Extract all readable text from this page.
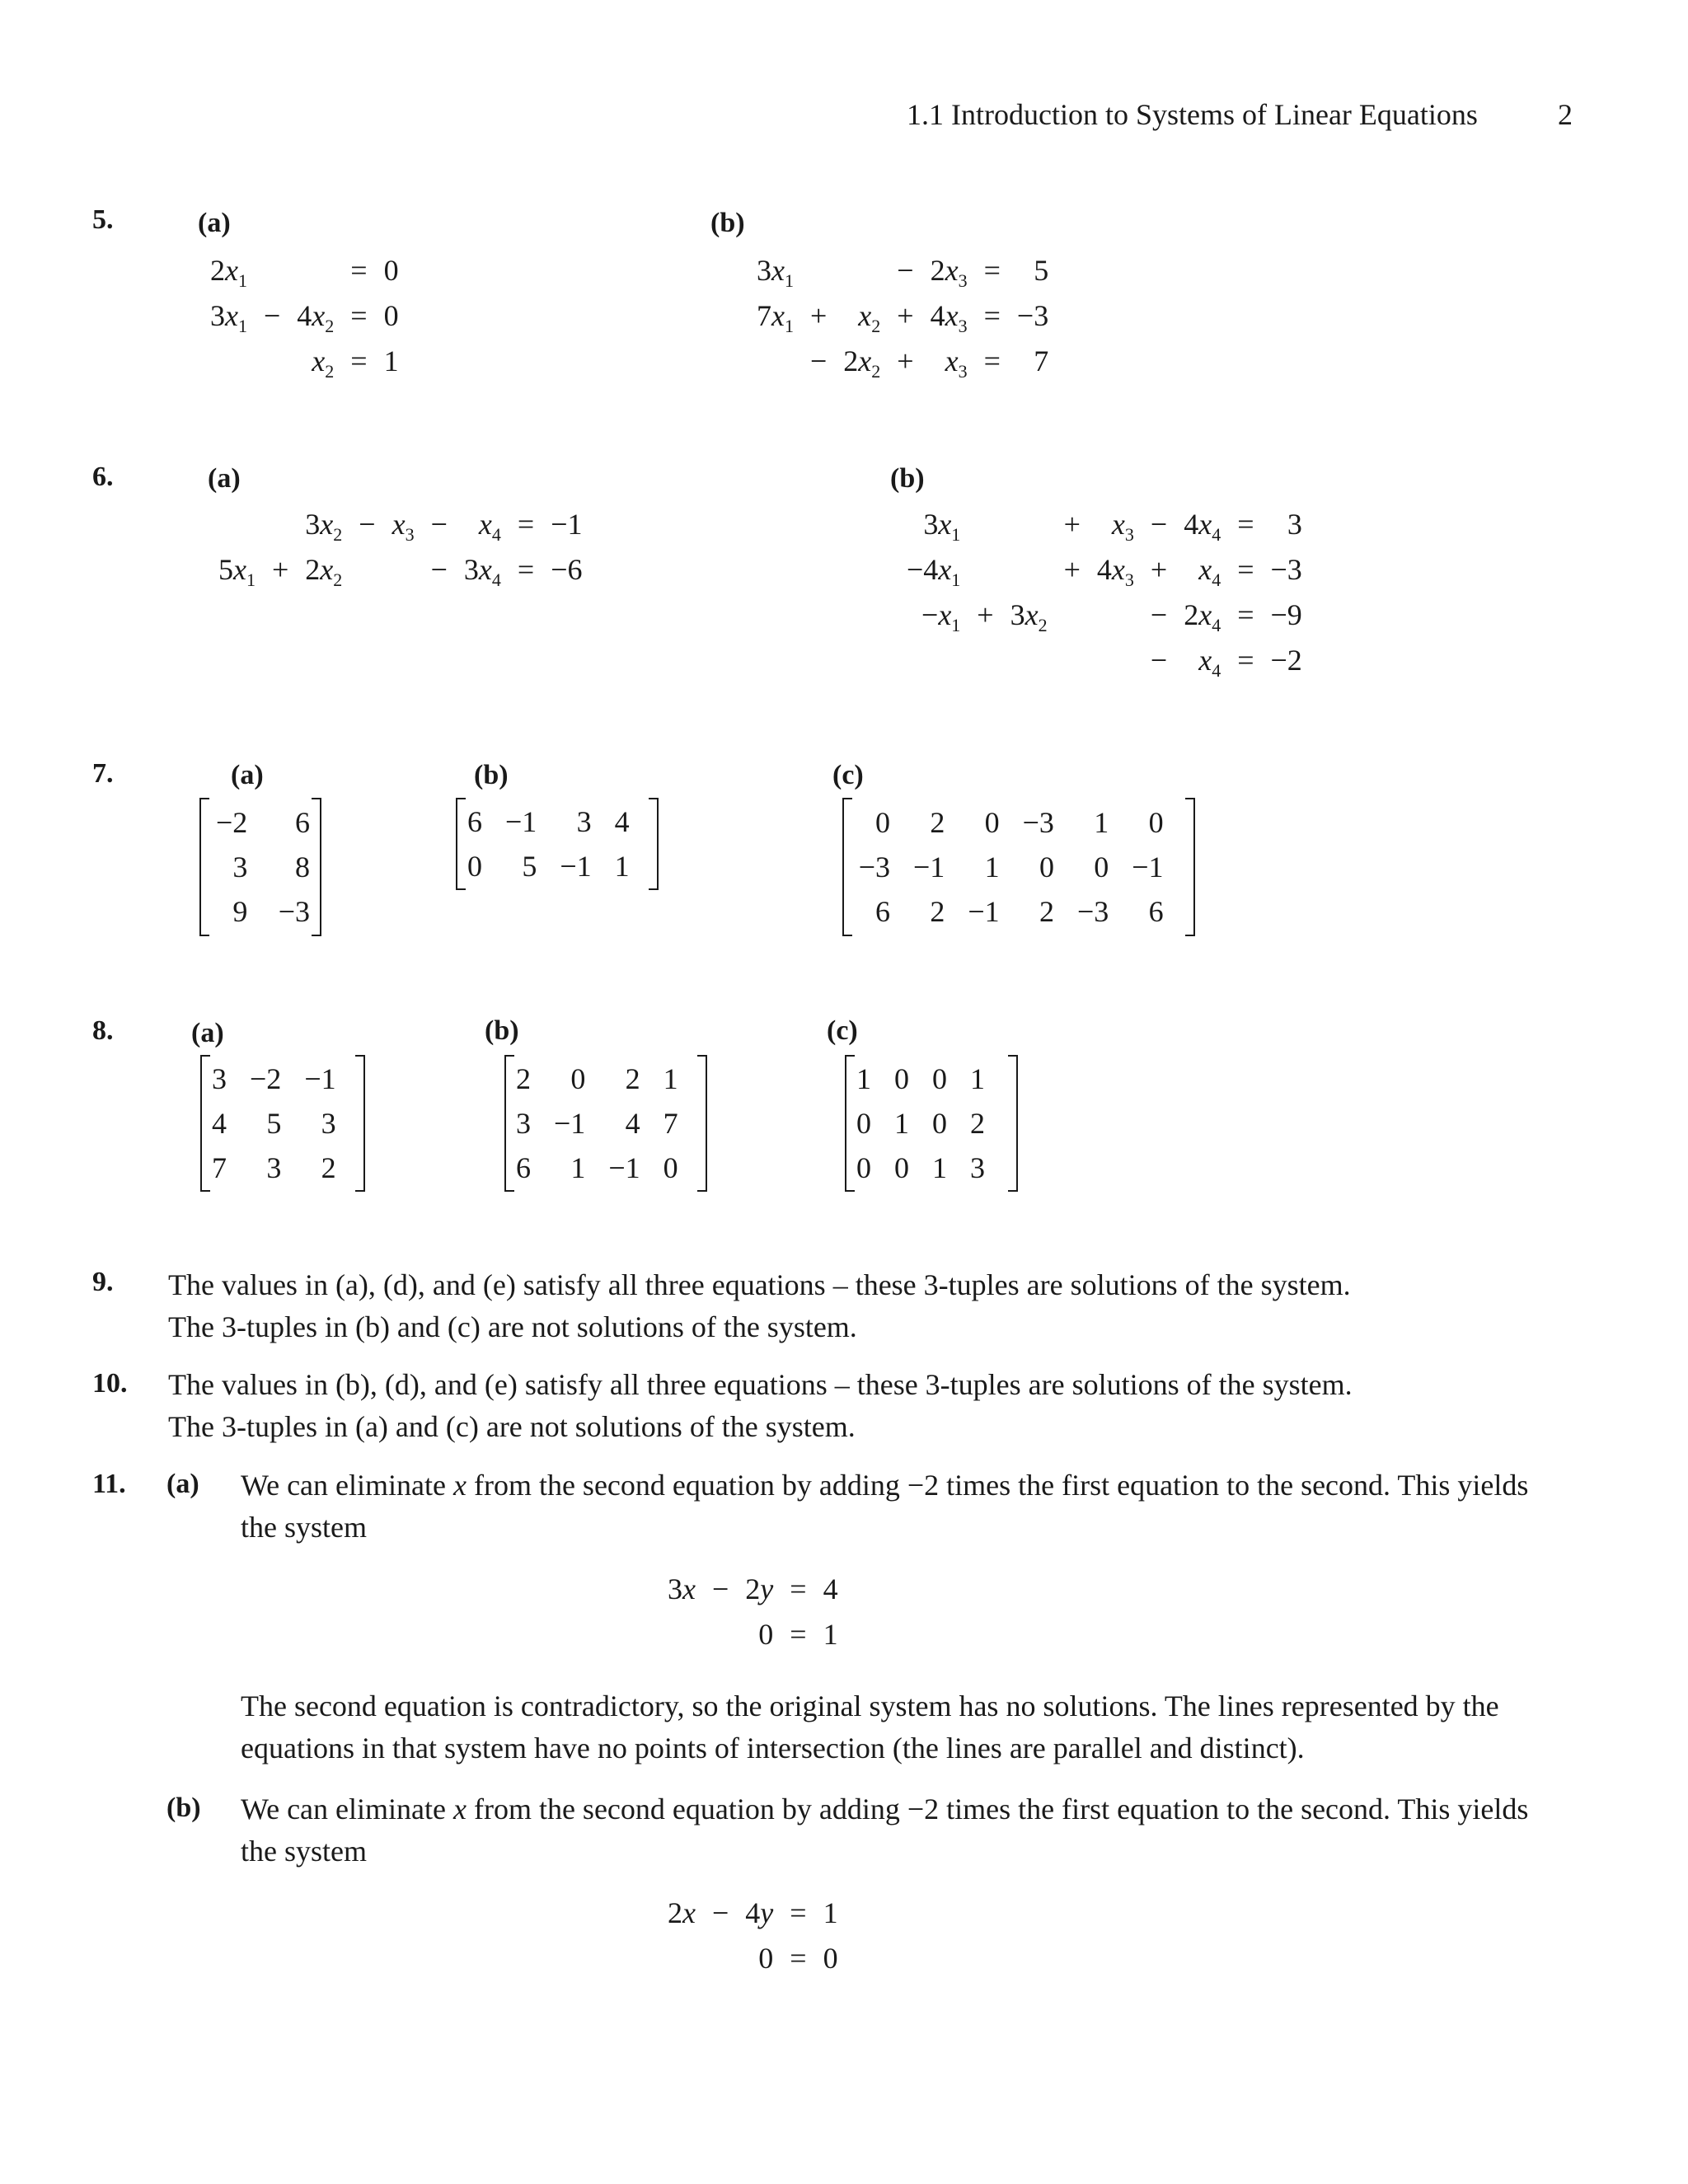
1.1 Introduction to Systems of Linear Equations	2
5.	(a)	(b)
$2x_1$			=	0
$3x_1$	−	$4x_2$	=	0
		$x_2$	=	1
$3x_1$			−	$2x_3$	=	5
$7x_1$	+	$x_2$	+	$4x_3$	=	−3
	−	$2x_2$	+	$x_3$	=	7
6.	(a)	(b)
		$3x_2$	−	$x_3$	−	$x_4$	=	−1
$5x_1$	+	$2x_2$			−	$3x_4$	=	−6
$3x_1$			+	$x_3$	−	$4x_4$	=	3
$-4x_1$			+	$4x_3$	+	$x_4$	=	−3
$-x_1$	+	$3x_2$			−	$2x_4$	=	−9
					−	$x_4$	=	−2
7.	(a)	(b)	(c)
−2	6
3	8
9	−3
6	−1	3	4
0	5	−1	1
0	2	0	−3	1	0
−3	−1	1	0	0	−1
6	2	−1	2	−3	6
8.	(a)	(b)	(c)
3	−2	−1
4	5	3
7	3	2
2	0	2	1
3	−1	4	7
6	1	−1	0
1	0	0	1
0	1	0	2
0	0	1	3
9. The values in (a), (d), and (e) satisfy all three equations – these 3-tuples are solutions of the system.
The 3-tuples in (b) and (c) are not solutions of the system.
10. The values in (b), (d), and (e) satisfy all three equations – these 3-tuples are solutions of the system.
The 3-tuples in (a) and (c) are not solutions of the system.
11. (a) We can eliminate x from the second equation by adding −2 times the first equation to the second. This yields
the system
3x	−	2y	=	4
		0	=	1
The second equation is contradictory, so the original system has no solutions. The lines represented by the
equations in that system have no points of intersection (the lines are parallel and distinct).
(b) We can eliminate x from the second equation by adding −2 times the first equation to the second. This yields
the system
2x	−	4y	=	1
		0	=	0
